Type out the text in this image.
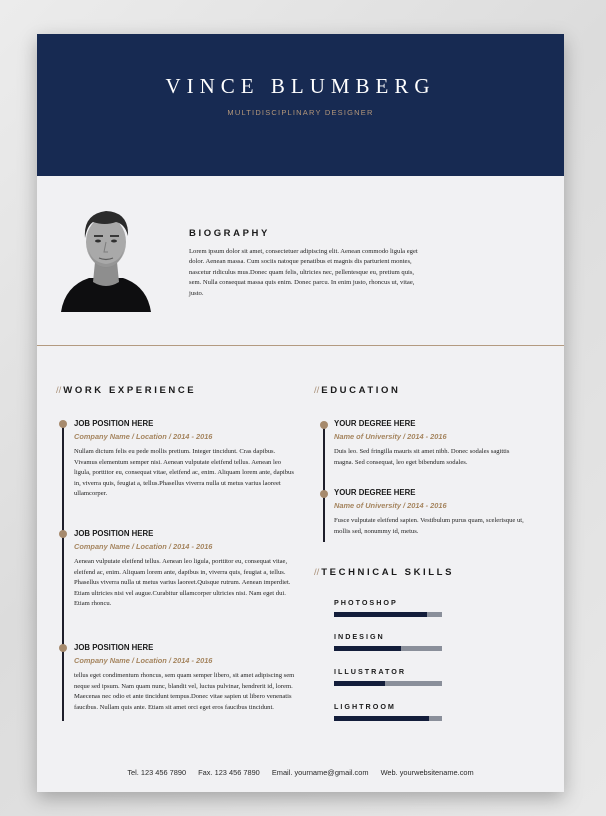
VINCE BLUMBERG
MULTIDISCIPLINARY DESIGNER
BIOGRAPHY
Lorem ipsum dolor sit amet, consectetuer adipiscing elit. Aenean commodo ligula eget dolor. Aenean massa. Cum sociis natoque penatibus et magnis dis parturient montes, nascetur ridiculus mus.Donec quam felis, ultricies nec, pellentesque eu, pretium quis, sem. Nulla consequat massa quis enim. Donec parcu. In enim justo, rhoncus ut, vitae, justo.
// WORK EXPERIENCE
JOB POSITION HERE
Company Name / Location / 2014 - 2016
Nullam dictum felis eu pede mollis pretium. Integer tincidunt. Cras dapibus. Vivamus elementum semper nisi. Aenean vulputate eleifend tellus. Aenean leo ligula, porttitor eu, consequat vitae, eleifend ac, enim. Aliquam lorem ante, dapibus in, viverra quis, feugiat a, tellus.Phasellus viverra nulla ut metus varius laoreet ullamcorper.
JOB POSITION HERE
Company Name / Location / 2014 - 2016
Aenean vulputate eleifend tellus. Aenean leo ligula, porttitor eu, consequat vitae, eleifend ac, enim. Aliquam lorem ante, dapibus in, viverra quis, feugiat a, tellus. Phasellus viverra nulla ut metus varius laoreet.Quisque rutrum. Aenean imperdiet. Etiam ultricies nisi vel augue.Curabitur ullamcorper ultricies nisi. Nam eget dui. Etiam rhoncu.
JOB POSITION HERE
Company Name / Location / 2014 - 2016
tellus eget condimentum rhoncus, sem quam semper libero, sit amet adipiscing sem neque sed ipsum. Nam quam nunc, blandit vel, luctus pulvinar, hendrerit id, lorem. Maecenas nec odio et ante tincidunt tempus.Donec vitae sapien ut libero venenatis faucibus. Nullam quis ante. Etiam sit amet orci eget eros faucibus tincidunt.
// EDUCATION
YOUR DEGREE HERE
Name of University / 2014 - 2016
Duis leo. Sed fringilla mauris sit amet nibh. Donec sodales sagittis magna. Sed consequat, leo eget bibendum sodales.
YOUR DEGREE HERE
Name of University / 2014 - 2016
Fusce vulputate eleifend sapien. Vestibulum purus quam, scelerisque ut, mollis sed, nonummy id, metus.
// TECHNICAL SKILLS
PHOTOSHOP
INDESIGN
ILLUSTRATOR
LIGHTROOM
Tel. 123 456 7890 Fax. 123 456 7890 Email. yourname@gmail.com Web. yourwebsitename.com
